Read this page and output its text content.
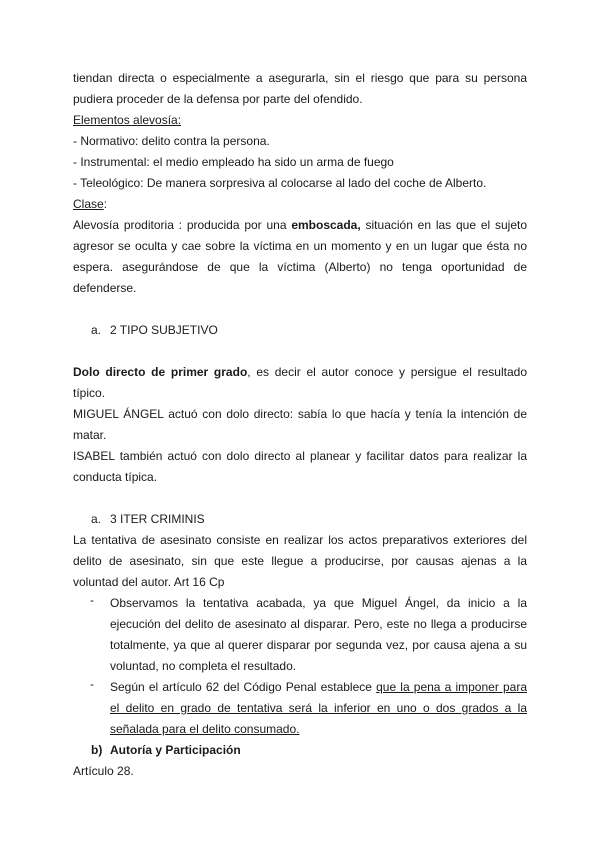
tiendan directa o especialmente a asegurarla, sin el riesgo que para su persona
pudiera proceder de la defensa por parte del ofendido.
Elementos alevosía:
- Normativo: delito contra la persona.
- Instrumental: el medio empleado ha sido un arma de fuego
- Teleológico: De manera sorpresiva al colocarse al lado del coche de Alberto.
Clase:
Alevosía proditoria : producida por una emboscada, situación en las que el sujeto
agresor se oculta y cae sobre la víctima en un momento y en un lugar que ésta no
espera. asegurándose de que la víctima (Alberto) no tenga oportunidad de
defenderse.
a. 2 TIPO SUBJETIVO
Dolo directo de primer grado, es decir el autor conoce y persigue el resultado
típico.
MIGUEL ÁNGEL actuó con dolo directo: sabía lo que hacía y tenía la intención de
matar.
ISABEL también actuó con dolo directo al planear y facilitar datos para realizar la
conducta típica.
a. 3 ITER CRIMINIS
La tentativa de asesinato consiste en realizar los actos preparativos exteriores del
delito de asesinato, sin que este llegue a producirse, por causas ajenas a la
voluntad del autor. Art 16 Cp
- Observamos la tentativa acabada, ya que Miguel Ángel, da inicio a la
ejecución del delito de asesinato al disparar. Pero, este no llega a producirse
totalmente, ya que al querer disparar por segunda vez, por causa ajena a su
voluntad, no completa el resultado.
- Según el artículo 62 del Código Penal establece que la pena a imponer para
el delito en grado de tentativa será la inferior en uno o dos grados a la
señalada para el delito consumado.
b) Autoría y Participación
Artículo 28.
